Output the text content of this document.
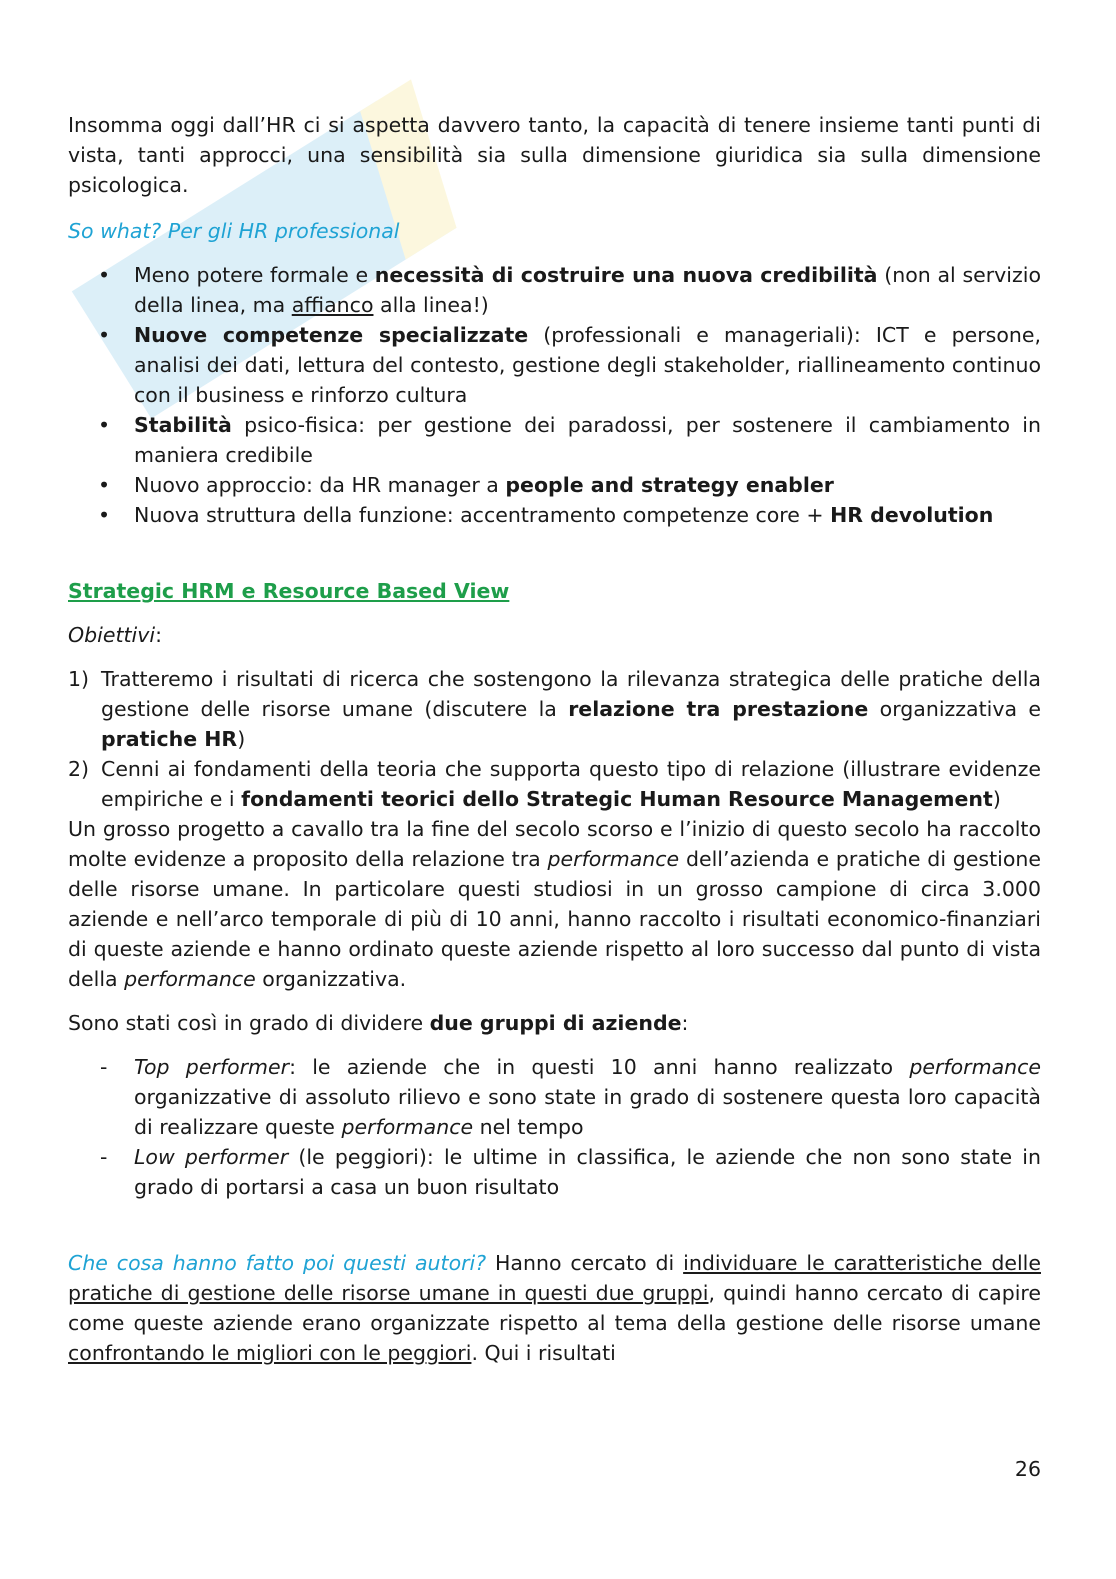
Insomma oggi dall’HR ci si aspetta davvero tanto, la capacità di tenere insieme tanti punti di vista, tanti approcci, una sensibilità sia sulla dimensione giuridica sia sulla dimensione psicologica.

So what? Per gli HR professional

• Meno potere formale e necessità di costruire una nuova credibilità (non al servizio della linea, ma affianco alla linea!)
• Nuove competenze specializzate (professionali e manageriali): ICT e persone, analisi dei dati, lettura del contesto, gestione degli stakeholder, riallineamento continuo con il business e rinforzo cultura
• Stabilità psico-fisica: per gestione dei paradossi, per sostenere il cambiamento in maniera credibile
• Nuovo approccio: da HR manager a people and strategy enabler
• Nuova struttura della funzione: accentramento competenze core + HR devolution

Strategic HRM e Resource Based View

Obiettivi:

1) Tratteremo i risultati di ricerca che sostengono la rilevanza strategica delle pratiche della gestione delle risorse umane (discutere la relazione tra prestazione organizzativa e pratiche HR)
2) Cenni ai fondamenti della teoria che supporta questo tipo di relazione (illustrare evidenze empiriche e i fondamenti teorici dello Strategic Human Resource Management)

Un grosso progetto a cavallo tra la fine del secolo scorso e l’inizio di questo secolo ha raccolto molte evidenze a proposito della relazione tra performance dell’azienda e pratiche di gestione delle risorse umane. In particolare questi studiosi in un grosso campione di circa 3.000 aziende e nell’arco temporale di più di 10 anni, hanno raccolto i risultati economico-finanziari di queste aziende e hanno ordinato queste aziende rispetto al loro successo dal punto di vista della performance organizzativa.

Sono stati così in grado di dividere due gruppi di aziende:

- Top performer: le aziende che in questi 10 anni hanno realizzato performance organizzative di assoluto rilievo e sono state in grado di sostenere questa loro capacità di realizzare queste performance nel tempo
- Low performer (le peggiori): le ultime in classifica, le aziende che non sono state in grado di portarsi a casa un buon risultato

Che cosa hanno fatto poi questi autori? Hanno cercato di individuare le caratteristiche delle pratiche di gestione delle risorse umane in questi due gruppi, quindi hanno cercato di capire come queste aziende erano organizzate rispetto al tema della gestione delle risorse umane confrontando le migliori con le peggiori. Qui i risultati

26
